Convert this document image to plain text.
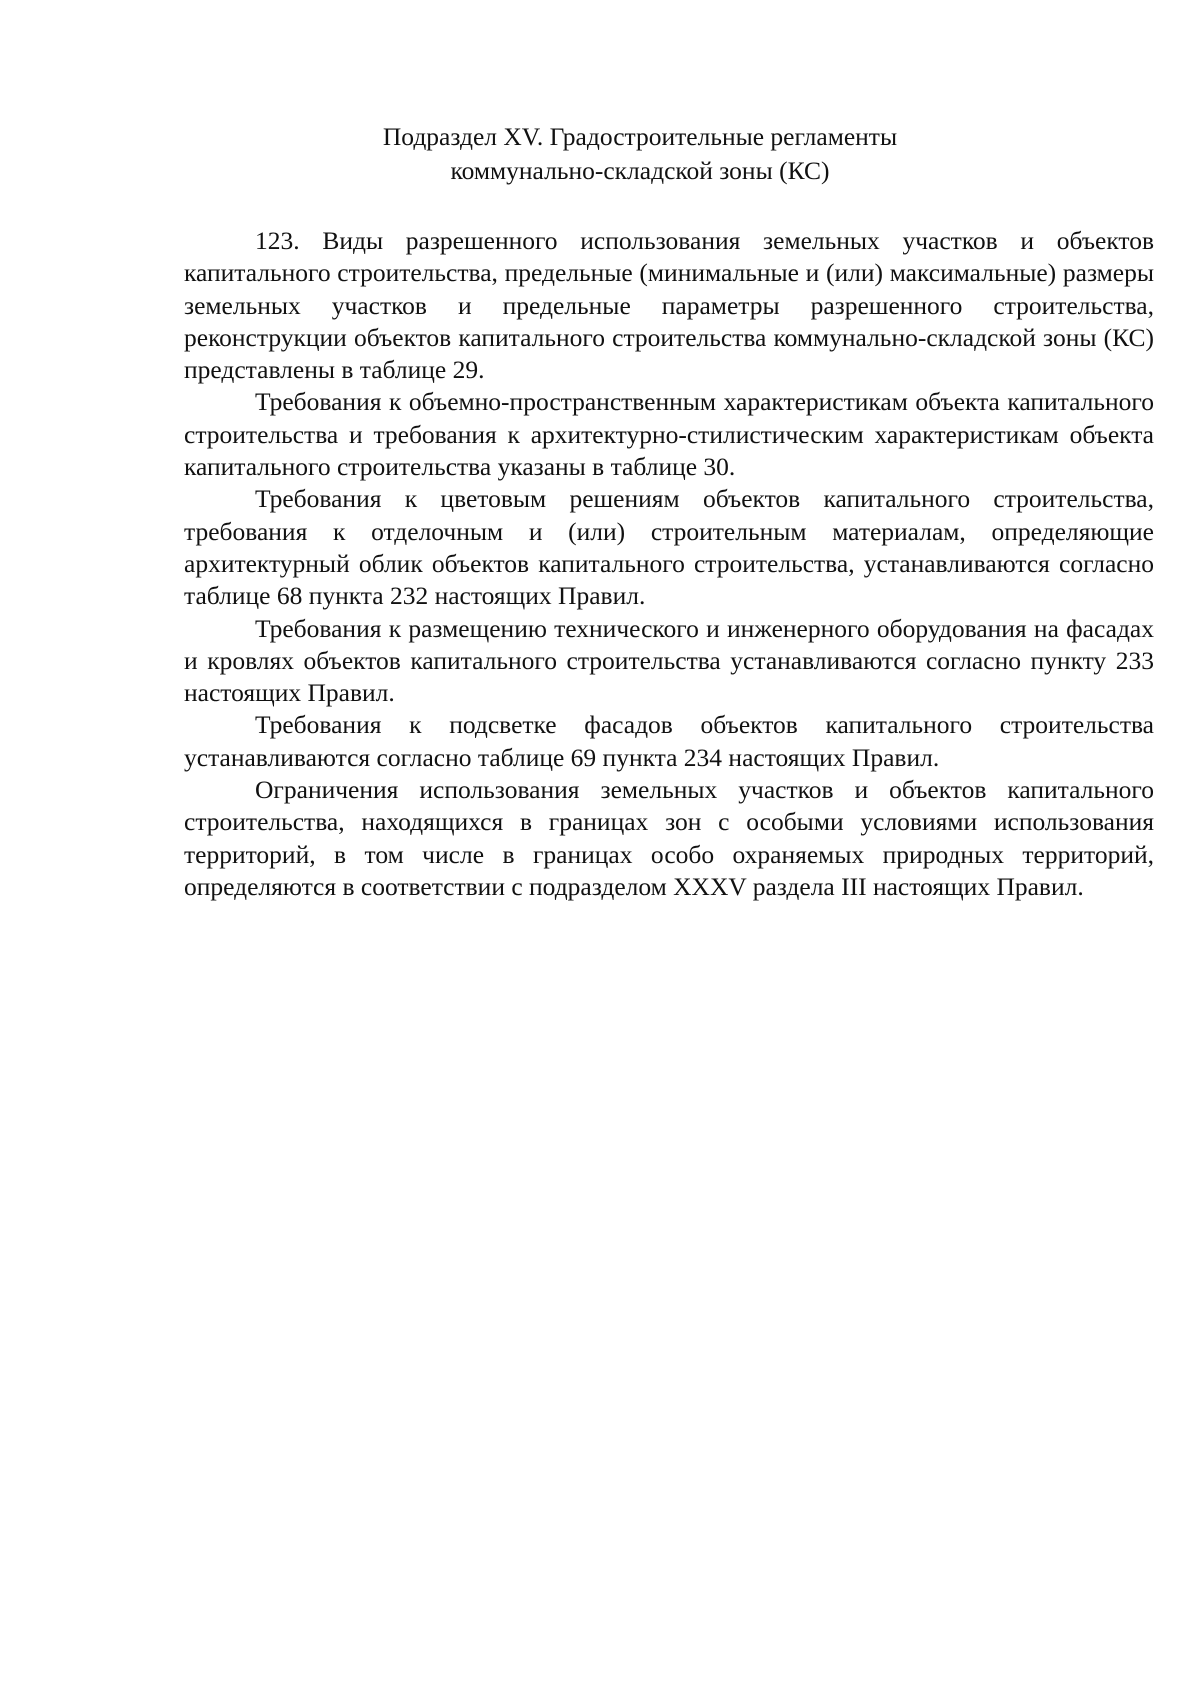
Подраздел XV. Градостроительные регламенты
коммунально-складской зоны (КС)

123. Виды разрешенного использования земельных участков и объектов капитального строительства, предельные (минимальные и (или) максимальные) размеры земельных участков и предельные параметры разрешенного строительства, реконструкции объектов капитального строительства коммунально-складской зоны (КС) представлены в таблице 29.

Требования к объемно-пространственным характеристикам объекта капитального строительства и требования к архитектурно-стилистическим характеристикам объекта капитального строительства указаны в таблице 30.

Требования к цветовым решениям объектов капитального строительства, требования к отделочным и (или) строительным материалам, определяющие архитектурный облик объектов капитального строительства, устанавливаются согласно таблице 68 пункта 232 настоящих Правил.

Требования к размещению технического и инженерного оборудования на фасадах и кровлях объектов капитального строительства устанавливаются согласно пункту 233 настоящих Правил.

Требования к подсветке фасадов объектов капитального строительства устанавливаются согласно таблице 69 пункта 234 настоящих Правил.

Ограничения использования земельных участков и объектов капитального строительства, находящихся в границах зон с особыми условиями использования территорий, в том числе в границах особо охраняемых природных территорий, определяются в соответствии с подразделом XXXV раздела III настоящих Правил.
